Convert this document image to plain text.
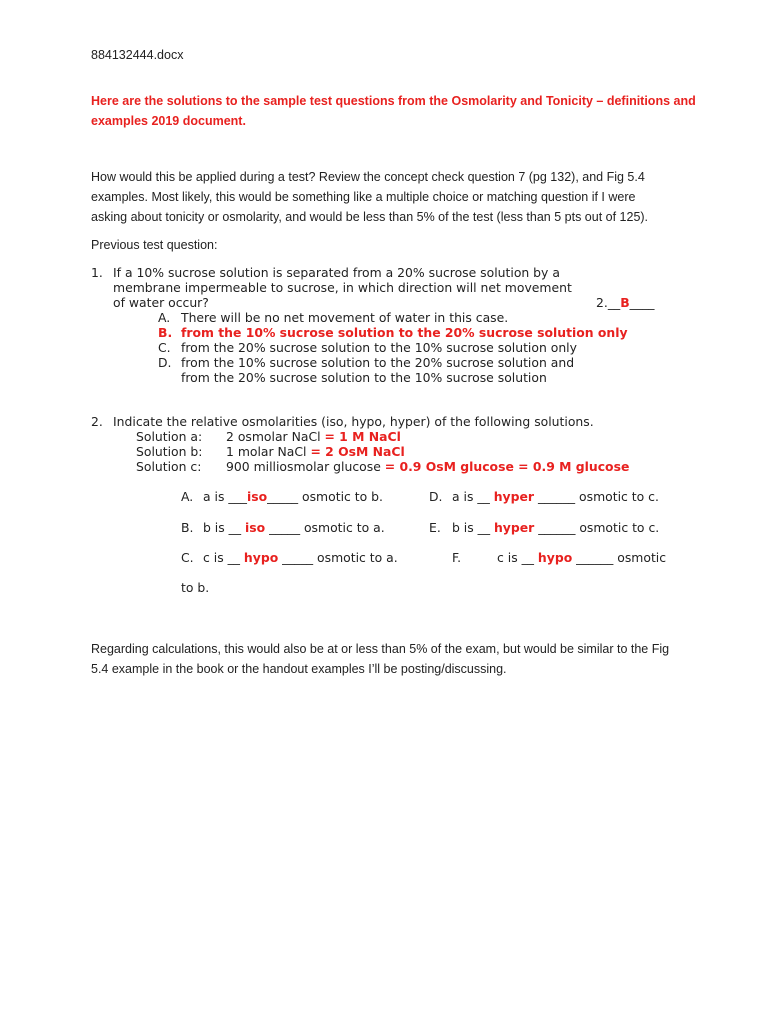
884132444.docx
Here are the solutions to the sample test questions from the Osmolarity and Tonicity – definitions and
examples 2019 document.
How would this be applied during a test? Review the concept check question 7 (pg 132), and Fig 5.4
examples. Most likely, this would be something like a multiple choice or matching question if I were
asking about tonicity or osmolarity, and would be less than 5% of the test (less than 5 pts out of 125).
Previous test question:
1. If a 10% sucrose solution is separated from a 20% sucrose solution by a
membrane impermeable to sucrose, in which direction will net movement
of water occur?	2.__B____
A. There will be no net movement of water in this case.
B. from the 10% sucrose solution to the 20% sucrose solution only
C. from the 20% sucrose solution to the 10% sucrose solution only
D. from the 10% sucrose solution to the 20% sucrose solution and
from the 20% sucrose solution to the 10% sucrose solution
2. Indicate the relative osmolarities (iso, hypo, hyper) of the following solutions.
Solution a: 2 osmolar NaCl = 1 M NaCl
Solution b: 1 molar NaCl = 2 OsM NaCl
Solution c: 900 milliosmolar glucose = 0.9 OsM glucose = 0.9 M glucose
A. a is ___iso_____ osmotic to b.	D. a is __ hyper ______ osmotic to c.
B. b is __ iso _____ osmotic to a.	E. b is __ hyper ______ osmotic to c.
C. c is __ hypo _____ osmotic to a.	F.	c is __ hypo ______ osmotic
to b.
Regarding calculations, this would also be at or less than 5% of the exam, but would be similar to the Fig
5.4 example in the book or the handout examples I’ll be posting/discussing.
